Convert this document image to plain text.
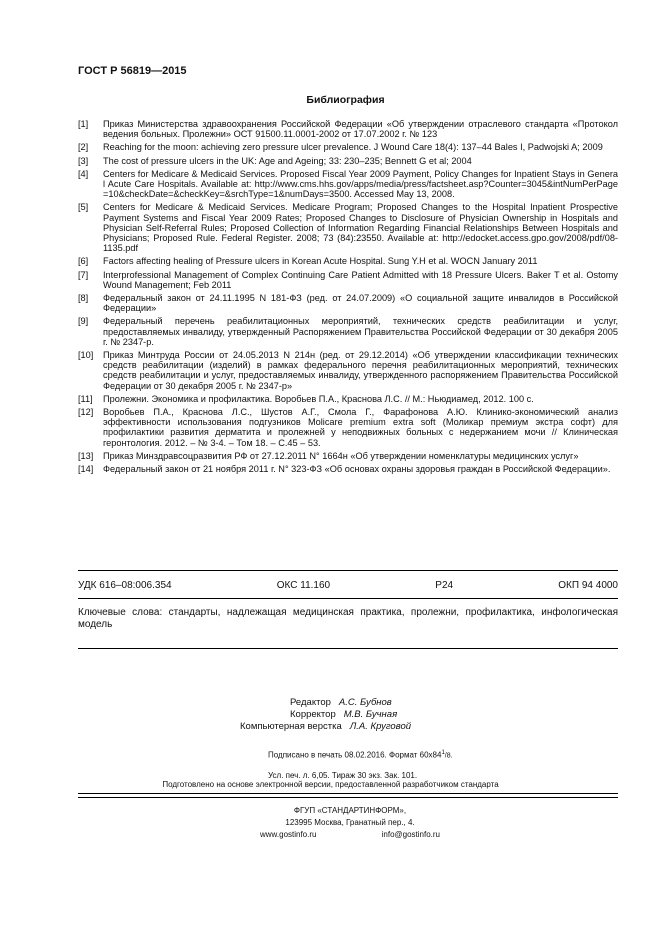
ГОСТ Р 56819—2015
Библиография
[1]	Приказ Министерства здравоохранения Российской Федерации «Об утверждении отраслевого стандарта «Протокол ведения больных. Пролежни» ОСТ 91500.11.0001-2002 от 17.07.2002 г. № 123
[2]	Reaching for the moon: achieving zero pressure ulcer prevalence. J Wound Care 18(4): 137–44 Bales I, Padwojski A; 2009
[3]	The cost of pressure ulcers in the UK: Age and Ageing; 33: 230–235; Bennett G et al; 2004
[4]	Centers for Medicare & Medicaid Services. Proposed Fiscal Year 2009 Payment, Policy Changes for Inpatient Stays in General Acute Care Hospitals. Available at: http://www.cms.hhs.gov/apps/media/press/factsheet.asp?Counter=3045&intNumPerPage=10&checkDate=&checkKey=&srchType=1&numDays=3500. Accessed May 13, 2008.
[5]	Centers for Medicare & Medicaid Services. Medicare Program; Proposed Changes to the Hospital Inpatient Prospective Payment Systems and Fiscal Year 2009 Rates; Proposed Changes to Disclosure of Physician Ownership in Hospitals and Physician Self-Referral Rules; Proposed Collection of Information Regarding Financial Relationships Between Hospitals and Physicians; Proposed Rule. Federal Register. 2008; 73 (84):23550. Available at: http://edocket.access.gpo.gov/2008/pdf/08-1135.pdf
[6]	Factors affecting healing of Pressure ulcers in Korean Acute Hospital. Sung Y.H et al. WOCN January 2011
[7]	Interprofessional Management of Complex Continuing Care Patient Admitted with 18 Pressure Ulcers. Baker T et al. Ostomy Wound Management; Feb 2011
[8]	Федеральный закон от 24.11.1995 N 181-ФЗ (ред. от 24.07.2009) «О социальной защите инвалидов в Российской Федерации»
[9]	Федеральный перечень реабилитационных мероприятий, технических средств реабилитации и услуг, предоставляемых инвалиду, утвержденный Распоряжением Правительства Российской Федерации от 30 декабря 2005 г. № 2347-р.
[10]	Приказ Минтруда России от 24.05.2013 N 214н (ред. от 29.12.2014) «Об утверждении классификации технических средств реабилитации (изделий) в рамках федерального перечня реабилитационных мероприятий, технических средств реабилитации и услуг, предоставляемых инвалиду, утвержденного распоряжением Правительства Российской Федерации от 30 декабря 2005 г. № 2347-р»
[11]	Пролежни. Экономика и профилактика. Воробьев П.А., Краснова Л.С. // М.: Ньюдиамед, 2012. 100 с.
[12]	Воробьев П.А., Краснова Л.С., Шустов А.Г., Смола Г., Фарафонова А.Ю. Клинико-экономический анализ эффективности использования подгузников Molicare premium extra soft (Моликар премиум экстра софт) для профилактики развития дерматита и пролежней у неподвижных больных с недержанием мочи // Клиническая геронтология. 2012. – № 3-4. – Том 18. – С.45 – 53.
[13]	Приказ Минздравсоцразвития РФ от 27.12.2011 N° 1664н «Об утверждении номенклатуры медицинских услуг»
[14]	Федеральный закон от 21 ноября 2011 г. N° 323-ФЗ «Об основах охраны здоровья граждан в Российской Федерации».
УДК 616–08:006.354	ОКС 11.160	Р24	ОКП 94 4000
Ключевые слова: стандарты, надлежащая медицинская практика, пролежни, профилактика, инфологическая модель
Редактор А.С. Бубнов
Корректор М.В. Бучная
Компьютерная верстка Л.А. Круговой
Подписано в печать 08.02.2016. Формат $60x84^1/8$.
Усл. печ. л. 6,05. Тираж 30 экз. Зак. 101.
Подготовлено на основе электронной версии, предоставленной разработчиком стандарта
ФГУП «СТАНДАРТИНФОРМ»,
123995 Москва, Гранатный пер., 4.
www.gostinfo.ru	info@gostinfo.ru
